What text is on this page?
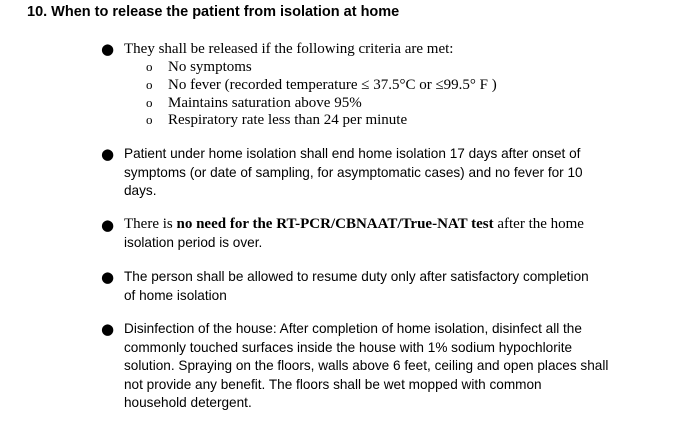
10. When to release the patient from isolation at home
● They shall be released if the following criteria are met:
o No symptoms
o No fever (recorded temperature ≤ 37.5°C or ≤99.5° F )
o Maintains saturation above 95%
o Respiratory rate less than 24 per minute
● Patient under home isolation shall end home isolation 17 days after onset of
symptoms (or date of sampling, for asymptomatic cases) and no fever for 10
days.
● There is no need for the RT-PCR/CBNAAT/True-NAT test after the home
isolation period is over.
● The person shall be allowed to resume duty only after satisfactory completion
of home isolation
● Disinfection of the house: After completion of home isolation, disinfect all the
commonly touched surfaces inside the house with 1% sodium hypochlorite
solution. Spraying on the floors, walls above 6 feet, ceiling and open places shall
not provide any benefit. The floors shall be wet mopped with common
household detergent.
